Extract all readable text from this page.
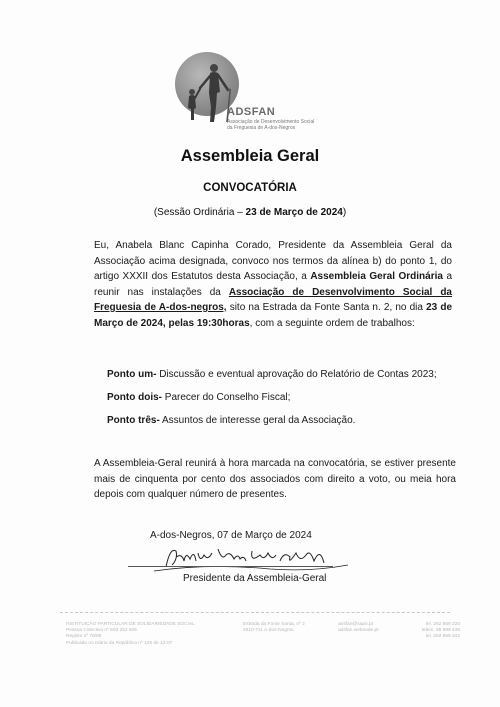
ADSFAN
Associação de Desenvolvimento Social
da Freguesia de A-dos-Negros
Assembleia Geral
CONVOCATÓRIA
(Sessão Ordinária – 23 de Março de 2024)
Eu, Anabela Blanc Capinha Corado, Presidente da Assembleia Geral da Associação acima designada, convoco nos termos da alínea b) do ponto 1, do artigo XXXII dos Estatutos desta Associação, a Assembleia Geral Ordinária a reunir nas instalações da Associação de Desenvolvimento Social da Freguesia de A-dos-negros, sito na Estrada da Fonte Santa n. 2, no dia 23 de Março de 2024, pelas 19:30horas, com a seguinte ordem de trabalhos:
Ponto um- Discussão e eventual aprovação do Relatório de Contas 2023;
Ponto dois- Parecer do Conselho Fiscal;
Ponto três- Assuntos de interesse geral da Associação.
A Assembleia-Geral reunirá à hora marcada na convocatória, se estiver presente mais de cinquenta por cento dos associados com direito a voto, ou meia hora depois com qualquer número de presentes.
A-dos-Negros, 07 de Março de 2024
Presidente da Assembleia-Geral
INSTITUIÇÃO PARTICULAR DE SOLIDARIEDADE SOCIAL
Pessoa Colectiva nº 503 252 506
Registo nº 76/95
Publicado no Diário da República nº 129 de 12-07
Estrada da Fonte Santa, nº 2
2510-711 A-dos-Negros
ansfan@sapo.pt
adsfan.webnode.pt
tel. 262 959 220
telem. 96 699 436
tel. 262 959 342
